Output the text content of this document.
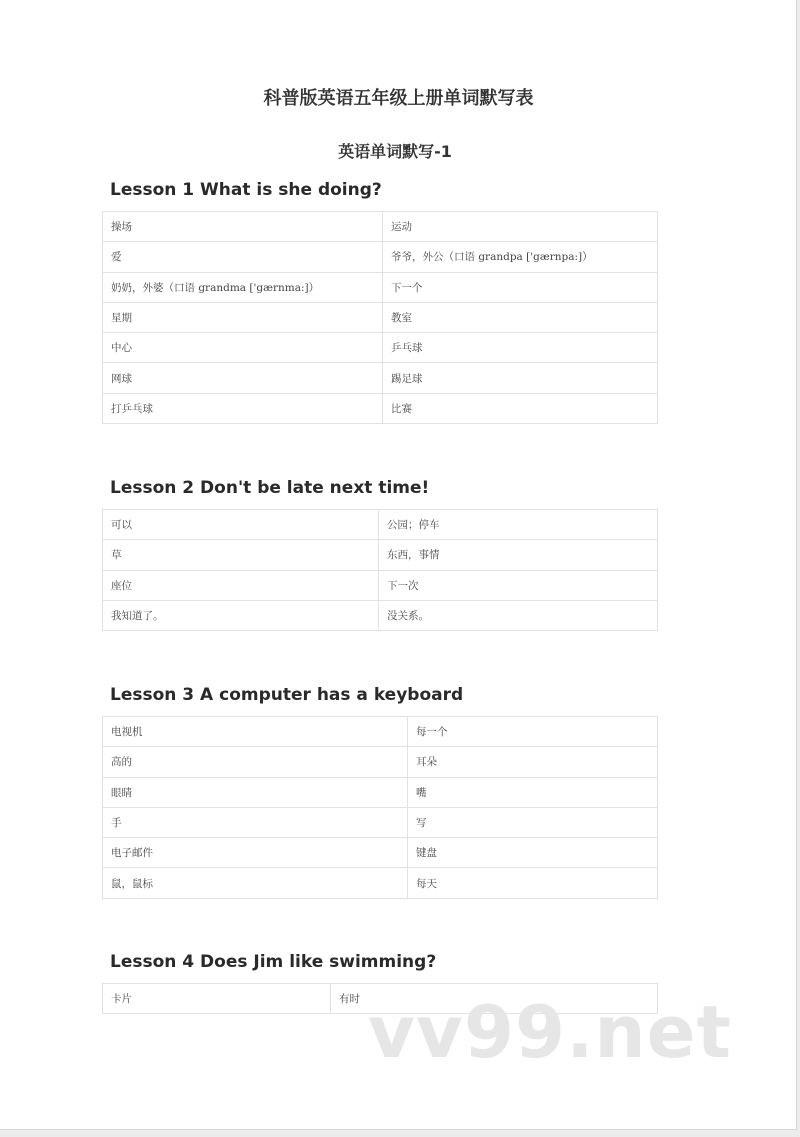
科普版英语五年级上册单词默写表
英语单词默写-1
Lesson 1 What is she doing?
操场	运动
爱	爷爷，外公（口语 grandpa ['gærnpa:]）
奶奶，外婆（口语 grandma ['gærnma:]）	下一个
星期	教室
中心	乒乓球
网球	踢足球
打乒乓球	比赛
Lesson 2 Don't be late next time!
可以	公园；停车
草	东西，事情
座位	下一次
我知道了。	没关系。
Lesson 3 A computer has a keyboard
电视机	每一个
高的	耳朵
眼睛	嘴
手	写
电子邮件	键盘
鼠，鼠标	每天
Lesson 4 Does Jim like swimming?
卡片	有时 vv99.net
